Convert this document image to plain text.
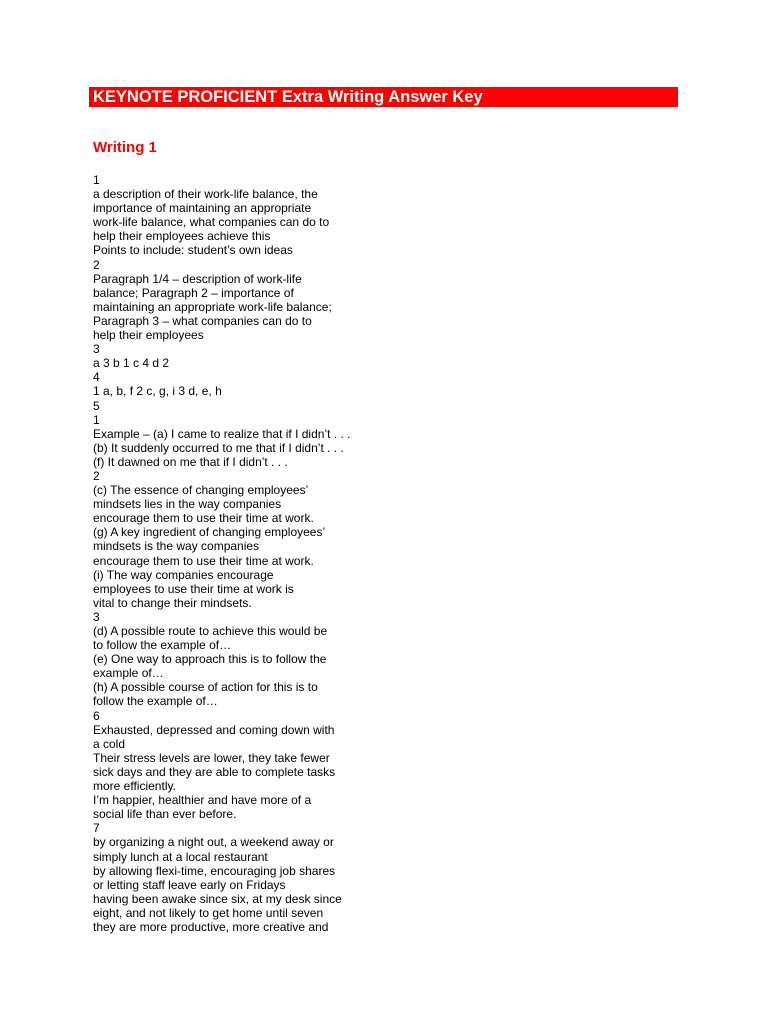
KEYNOTE PROFICIENT Extra Writing Answer Key
Writing 1
1
a description of their work-life balance, the
importance of maintaining an appropriate
work-life balance, what companies can do to
help their employees achieve this
Points to include: student’s own ideas
2
Paragraph 1/4 – description of work-life
balance; Paragraph 2 – importance of
maintaining an appropriate work-life balance;
Paragraph 3 – what companies can do to
help their employees
3
a 3 b 1 c 4 d 2
4
1 a, b, f 2 c, g, i 3 d, e, h
5
1
Example – (a) I came to realize that if I didn’t . . .
(b) It suddenly occurred to me that if I didn’t . . .
(f) It dawned on me that if I didn’t . . .
2
(c) The essence of changing employees’
mindsets lies in the way companies
encourage them to use their time at work.
(g) A key ingredient of changing employees’
mindsets is the way companies
encourage them to use their time at work.
(i) The way companies encourage
employees to use their time at work is
vital to change their mindsets.
3
(d) A possible route to achieve this would be
to follow the example of…
(e) One way to approach this is to follow the
example of…
(h) A possible course of action for this is to
follow the example of…
6
Exhausted, depressed and coming down with
a cold
Their stress levels are lower, they take fewer
sick days and they are able to complete tasks
more efficiently.
I’m happier, healthier and have more of a
social life than ever before.
7
by organizing a night out, a weekend away or
simply lunch at a local restaurant
by allowing flexi-time, encouraging job shares
or letting staff leave early on Fridays
having been awake since six, at my desk since
eight, and not likely to get home until seven
they are more productive, more creative and
